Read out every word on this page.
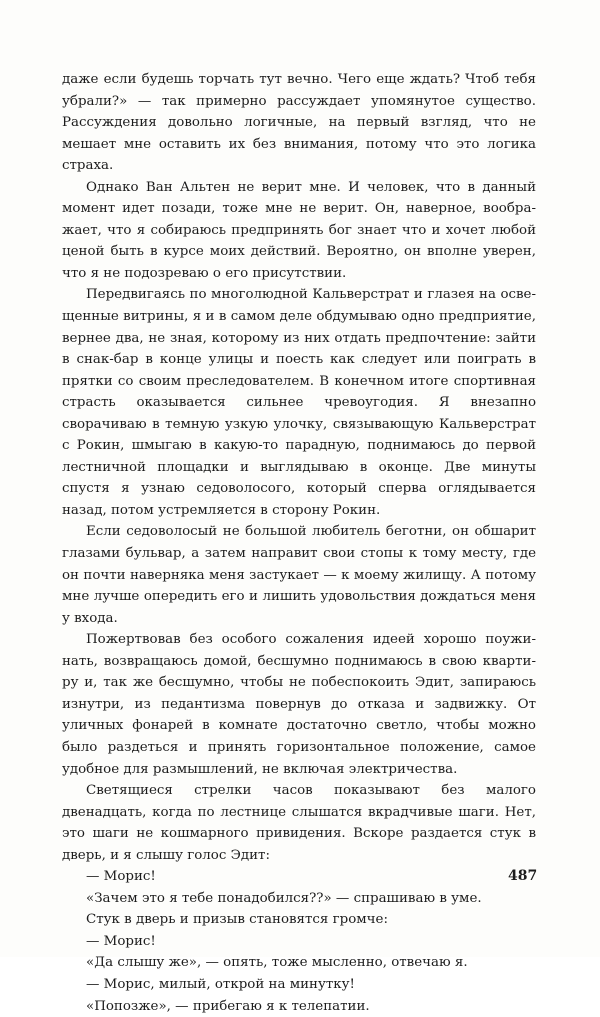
даже если будешь торчать тут вечно. Чего еще ждать? Чтоб тебя убрали?» — так примерно рассуждает упомянутое существо. Рассуждения довольно логичные, на первый взгляд, что не мешает мне оставить их без внимания, потому что это логика страха.

Однако Ван Альтен не верит мне. И человек, что в данный момент идет позади, тоже мне не верит. Он, наверное, воображает, что я собираюсь предпринять бог знает что и хочет любой ценой быть в курсе моих действий. Вероятно, он вполне уверен, что я не подозреваю о его присутствии.

Передвигаясь по многолюдной Кальверстрат и глазея на освещенные витрины, я и в самом деле обдумываю одно предприятие, вернее два, не зная, которому из них отдать предпочтение: зайти в снак-бар в конце улицы и поесть как следует или поиграть в прятки со своим преследователем. В конечном итоге спортивная страсть оказывается сильнее чревоугодия. Я внезапно сворачиваю в темную узкую улочку, связывающую Кальверстрат с Рокин, шмыгаю в какую-то парадную, поднимаюсь до первой лестничной площадки и выглядываю в оконце. Две минуты спустя я узнаю седоволосого, который сперва оглядывается назад, потом устремляется в сторону Рокин.

Если седоволосый не большой любитель беготни, он обшарит глазами бульвар, а затем направит свои стопы к тому месту, где он почти наверняка меня застукает — к моему жилищу. А потому мне лучше опередить его и лишить удовольствия дождаться меня у входа.

Пожертвовав без особого сожаления идеей хорошо поужинать, возвращаюсь домой, бесшумно поднимаюсь в свою квартиру и, так же бесшумно, чтобы не побеспокоить Эдит, запираюсь изнутри, из педантизма повернув до отказа и задвижку. От уличных фонарей в комнате достаточно светло, чтобы можно было раздеться и принять горизонтальное положение, самое удобное для размышлений, не включая электричества.

Светящиеся стрелки часов показывают без малого двенадцать, когда по лестнице слышатся вкрадчивые шаги. Нет, это шаги не кошмарного привидения. Вскоре раздается стук в дверь, и я слышу голос Эдит:

— Морис!

«Зачем это я тебе понадобился??» — спрашиваю в уме.

Стук в дверь и призыв становятся громче:

— Морис!

«Да слышу же», — опять, тоже мысленно, отвечаю я.

— Морис, милый, открой на минутку!

«Попозже», — прибегаю я к телепатии.

487
